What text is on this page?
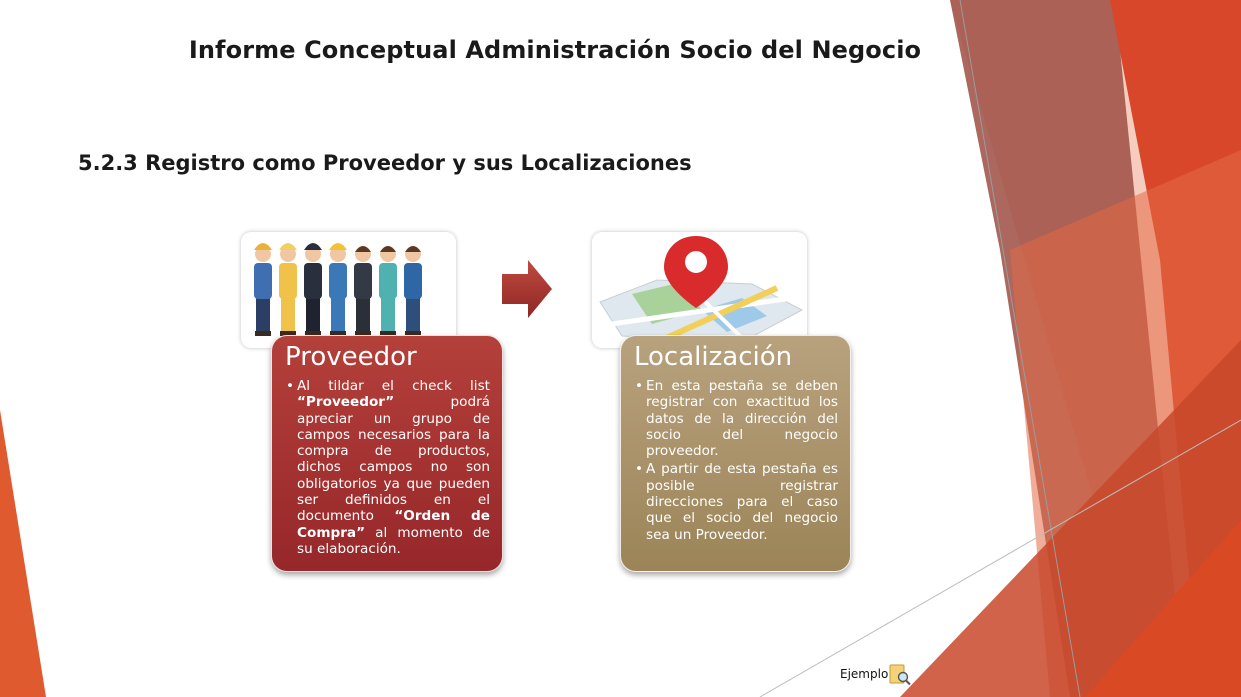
Informe Conceptual Administración Socio del Negocio
5.2.3 Registro como Proveedor y sus Localizaciones
Proveedor
• Al tildar el check list “Proveedor” podrá apreciar un grupo de campos necesarios para la compra de productos, dichos campos no son obligatorios ya que pueden ser definidos en el documento “Orden de Compra” al momento de su elaboración.
Localización
• En esta pestaña se deben registrar con exactitud los datos de la dirección del socio del negocio proveedor.
• A partir de esta pestaña es posible registrar direcciones para el caso que el socio del negocio sea un Proveedor.
Ejemplo
